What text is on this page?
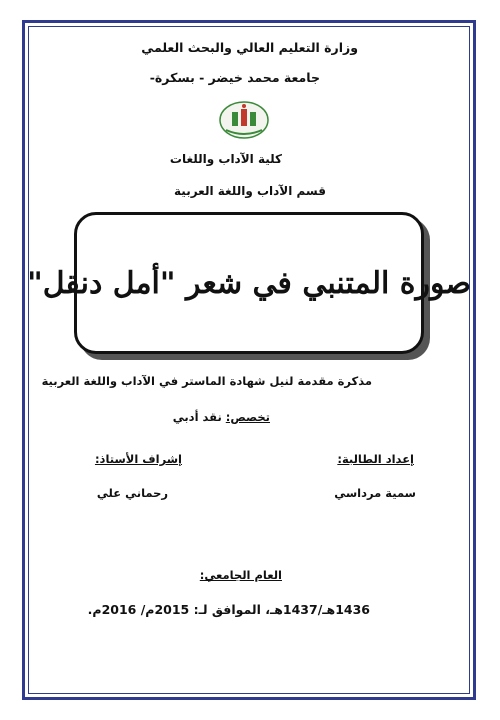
وزارة التعليم العالي والبحث العلمي
جامعة محمد خيضر - بسكرة-
كلية الآداب واللغات
قسم الآداب واللغة العربية
صورة المتنبي في شعر "أمل دنقل"
مذكرة مقدمة لنيل شهادة الماستر في الآداب واللغة العربية
تخصص: نقد أدبي
إعداد الطالبة:
إشراف الأستاذ:
سمية مرداسي
رحماني علي
العام الجامعي:
1436هـ/1437هـ، الموافق لـ: 2015م/ 2016م.
